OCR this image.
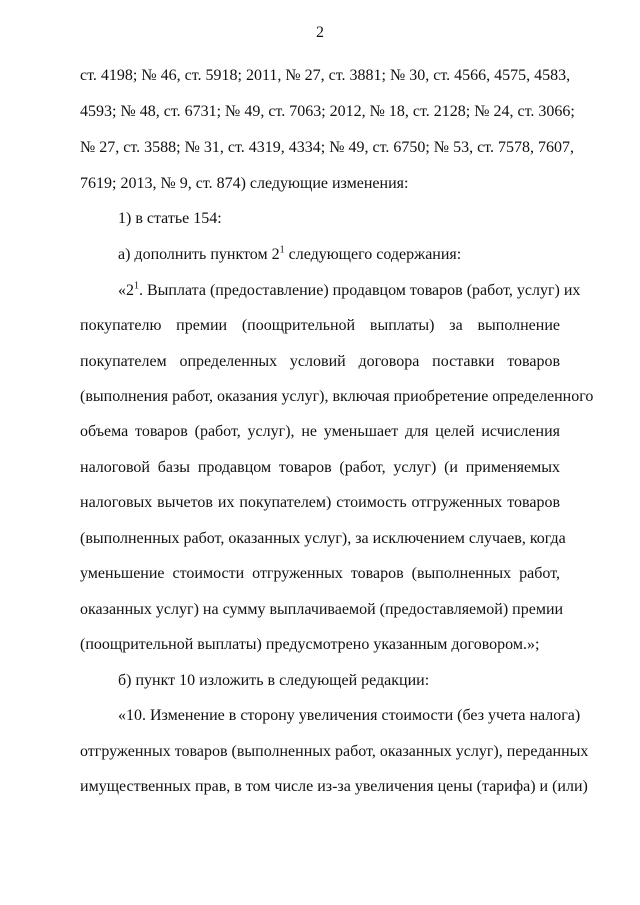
2
ст. 4198; № 46, ст. 5918; 2011, № 27, ст. 3881; № 30, ст. 4566, 4575, 4583,
4593; № 48, ст. 6731; № 49, ст. 7063; 2012, № 18, ст. 2128; № 24, ст. 3066;
№ 27, ст. 3588; № 31, ст. 4319, 4334; № 49, ст. 6750; № 53, ст. 7578, 7607,
7619; 2013, № 9, ст. 874) следующие изменения:
1) в статье 154:
а) дополнить пунктом $2^1$ следующего содержания:
«$2^1$. Выплата (предоставление) продавцом товаров (работ, услуг) их
покупателю премии (поощрительной выплаты) за выполнение
покупателем определенных условий договора поставки товаров
(выполнения работ, оказания услуг), включая приобретение определенного
объема товаров (работ, услуг), не уменьшает для целей исчисления
налоговой базы продавцом товаров (работ, услуг) (и применяемых
налоговых вычетов их покупателем) стоимость отгруженных товаров
(выполненных работ, оказанных услуг), за исключением случаев, когда
уменьшение стоимости отгруженных товаров (выполненных работ,
оказанных услуг) на сумму выплачиваемой (предоставляемой) премии
(поощрительной выплаты) предусмотрено указанным договором.»;
б) пункт 10 изложить в следующей редакции:
«10. Изменение в сторону увеличения стоимости (без учета налога)
отгруженных товаров (выполненных работ, оказанных услуг), переданных
имущественных прав, в том числе из-за увеличения цены (тарифа) и (или)
